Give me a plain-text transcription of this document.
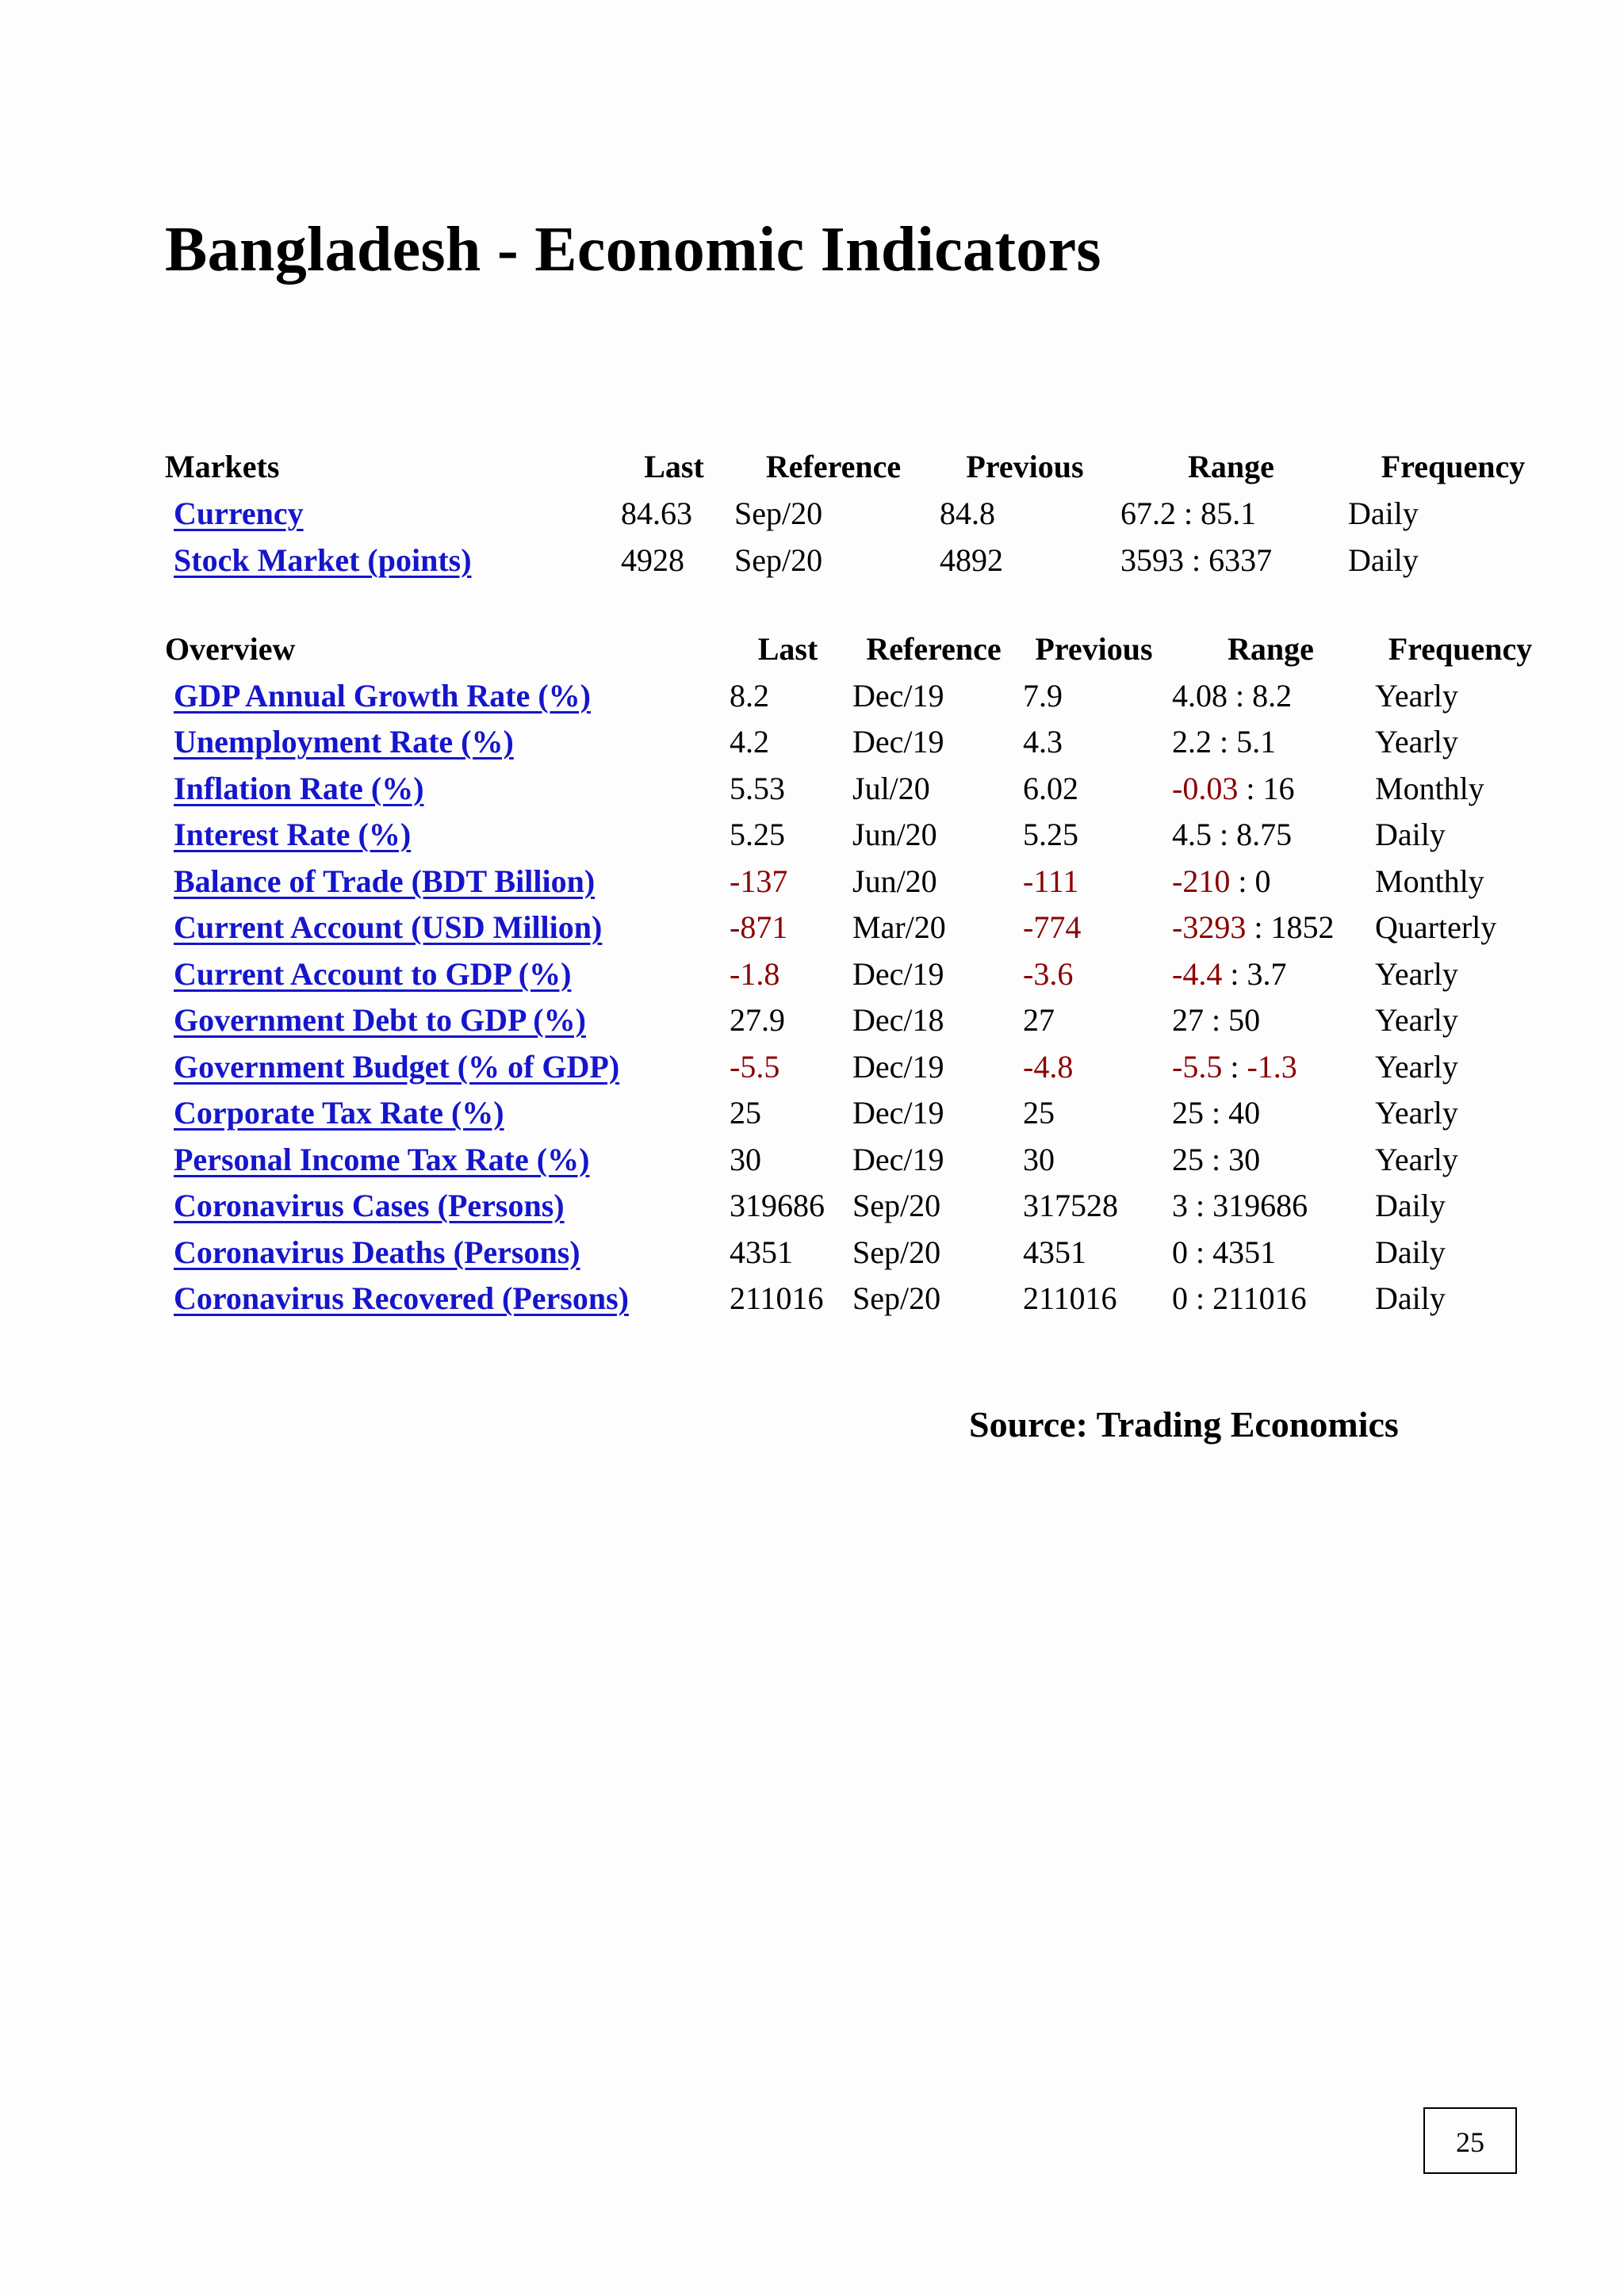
Bangladesh - Economic Indicators
Markets	Last Reference Previous	Range	Frequency
Currency	84.63 Sep/20	84.8	67.2 : 85.1	Daily
Stock Market (points)	4928 Sep/20	4892	3593 : 6337 Daily
Overview	Last Reference Previous Range Frequency
GDP Annual Growth Rate (%)	8.2	Dec/19 7.9	4.08 : 8.2	Yearly
Unemployment Rate (%)	4.2	Dec/19 4.3	2.2 : 5.1	Yearly
Inflation Rate (%)	5.53 Jul/20	6.02	-0.03 : 16	Monthly
Interest Rate (%)	5.25 Jun/20	5.25	4.5 : 8.75	Daily
Balance of Trade (BDT Billion)	-137 Jun/20	-111	-210 : 0	Monthly
Current Account (USD Million)	-871 Mar/20 -774	-3293 : 1852 Quarterly
Current Account to GDP (%)	-1.8 Dec/19 -3.6	-4.4 : 3.7	Yearly
Government Debt to GDP (%)	27.9 Dec/18 27	27 : 50	Yearly
Government Budget (% of GDP)	-5.5 Dec/19 -4.8	-5.5 : -1.3 Yearly
Corporate Tax Rate (%)	25	Dec/19 25	25 : 40	Yearly
Personal Income Tax Rate (%)	30	Dec/19 30	25 : 30	Yearly
Coronavirus Cases (Persons)	319686 Sep/20	317528 3 : 319686 Daily
Coronavirus Deaths (Persons)	4351 Sep/20	4351	0 : 4351	Daily
Coronavirus Recovered (Persons)	211016 Sep/20	211016 0 : 211016 Daily
Source: Trading Economics
25
